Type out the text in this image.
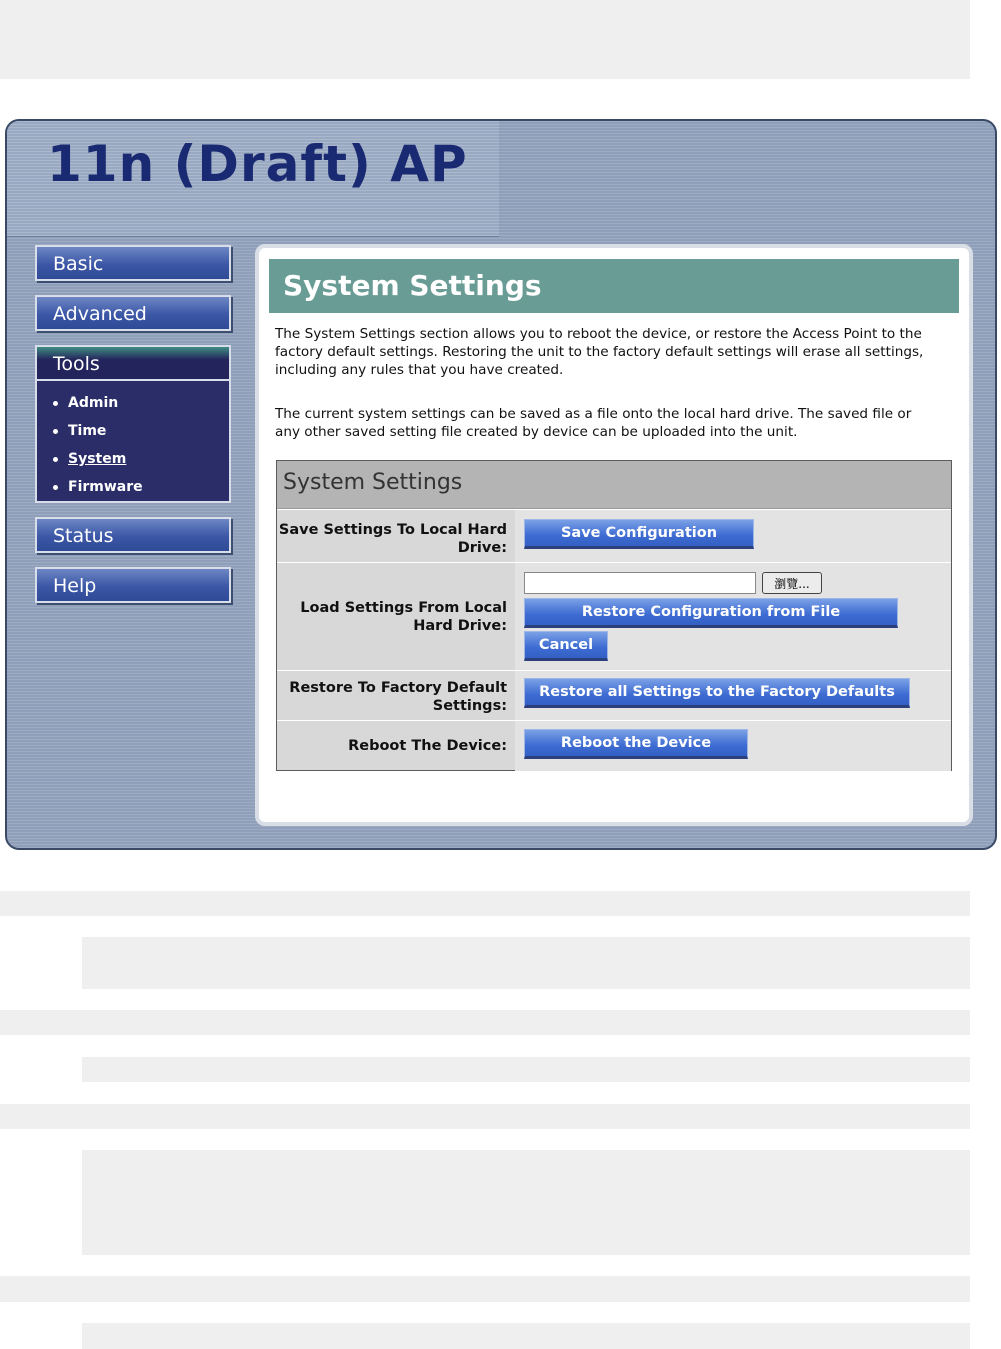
11n (Draft) AP
Basic
Advanced
Tools
Admin
Time
System
Firmware
Status
Help
System Settings

The System Settings section allows you to reboot the device, or restore the Access Point to the factory default settings. Restoring the unit to the factory default settings will erase all settings, including any rules that you have created.

The current system settings can be saved as a file onto the local hard drive. The saved file or any other saved setting file created by device can be uploaded into the unit.

System Settings
Save Settings To Local Hard Drive:
Save Configuration
Load Settings From Local Hard Drive:
瀏覽...
Restore Configuration from File
Cancel
Restore To Factory Default Settings:
Restore all Settings to the Factory Defaults
Reboot The Device:	Reboot the Device
